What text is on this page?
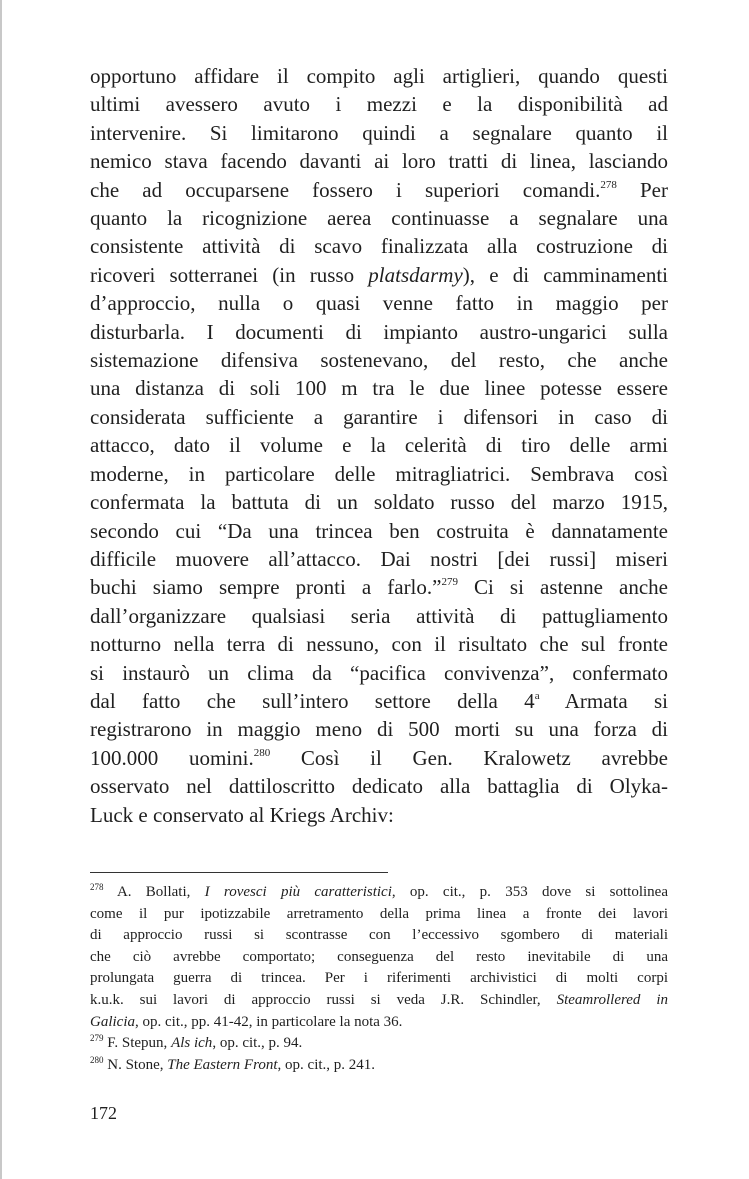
opportuno affidare il compito agli artiglieri, quando questi
ultimi avessero avuto i mezzi e la disponibilità ad
intervenire. Si limitarono quindi a segnalare quanto il
nemico stava facendo davanti ai loro tratti di linea, lasciando
che ad occuparsene fossero i superiori comandi.$^{278}$ Per
quanto la ricognizione aerea continuasse a segnalare una
consistente attività di scavo finalizzata alla costruzione di
ricoveri sotterranei (in russo platsdarmy), e di camminamenti
d’approccio, nulla o quasi venne fatto in maggio per
disturbarla. I documenti di impianto austro-ungarici sulla
sistemazione difensiva sostenevano, del resto, che anche
una distanza di soli 100 m tra le due linee potesse essere
considerata sufficiente a garantire i difensori in caso di
attacco, dato il volume e la celerità di tiro delle armi
moderne, in particolare delle mitragliatrici. Sembrava così
confermata la battuta di un soldato russo del marzo 1915,
secondo cui “Da una trincea ben costruita è dannatamente
difficile muovere all’attacco. Dai nostri [dei russi] miseri
buchi siamo sempre pronti a farlo.”$^{279}$ Ci si astenne anche
dall’organizzare qualsiasi seria attività di pattugliamento
notturno nella terra di nessuno, con il risultato che sul fronte
si instaurò un clima da “pacifica convivenza”, confermato
dal fatto che sull’intero settore della 4$^a$ Armata si
registrarono in maggio meno di 500 morti su una forza di
100.000 uomini.$^{280}$ Così il Gen. Kralowetz avrebbe
osservato nel dattiloscritto dedicato alla battaglia di Olyka-
Luck e conservato al Kriegs Archiv:
$^{278}$ A. Bollati, I rovesci più caratteristici, op. cit., p. 353 dove si sottolinea
come il pur ipotizzabile arretramento della prima linea a fronte dei lavori
di approccio russi si scontrasse con l’eccessivo sgombero di materiali
che ciò avrebbe comportato; conseguenza del resto inevitabile di una
prolungata guerra di trincea. Per i riferimenti archivistici di molti corpi
k.u.k. sui lavori di approccio russi si veda J.R. Schindler, Steamrollered in
Galicia, op. cit., pp. 41-42, in particolare la nota 36.
$^{279}$ F. Stepun, Als ich, op. cit., p. 94.
$^{280}$ N. Stone, The Eastern Front, op. cit., p. 241.
172
